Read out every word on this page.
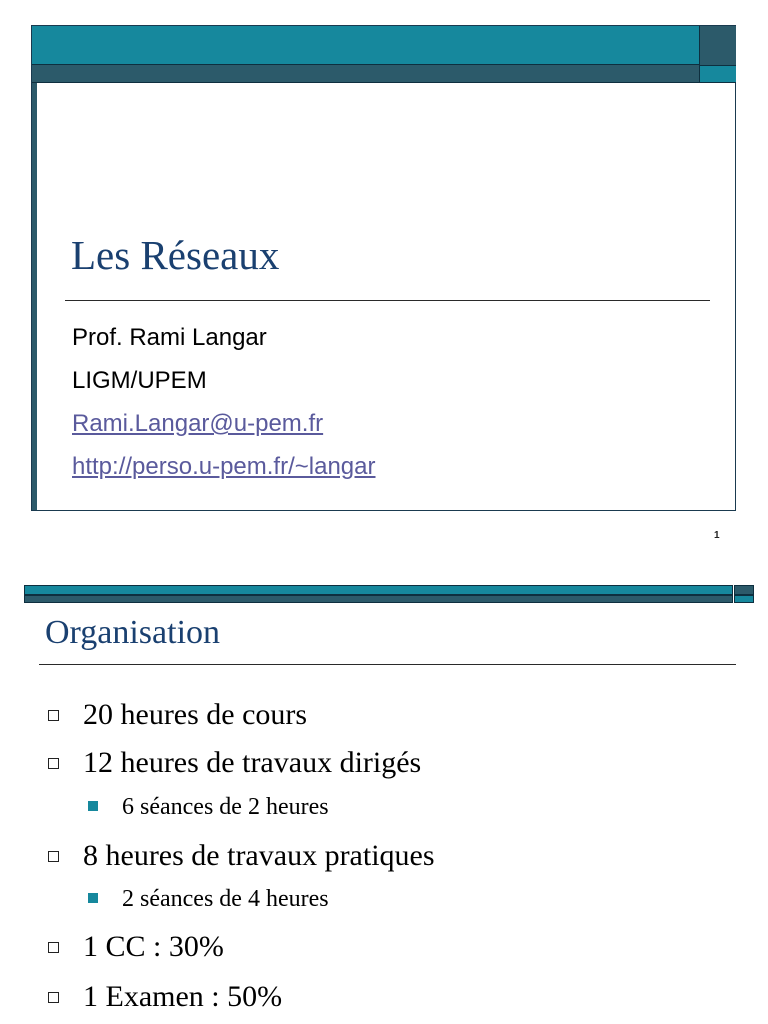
Les Réseaux
Prof. Rami Langar
LIGM/UPEM
Rami.Langar@u-pem.fr
http://perso.u-pem.fr/~langar
1
Organisation
20 heures de cours
12 heures de travaux dirigés
6 séances de 2 heures
8 heures de travaux pratiques
2 séances de 4 heures
1 CC : 30%
1 Examen : 50%
